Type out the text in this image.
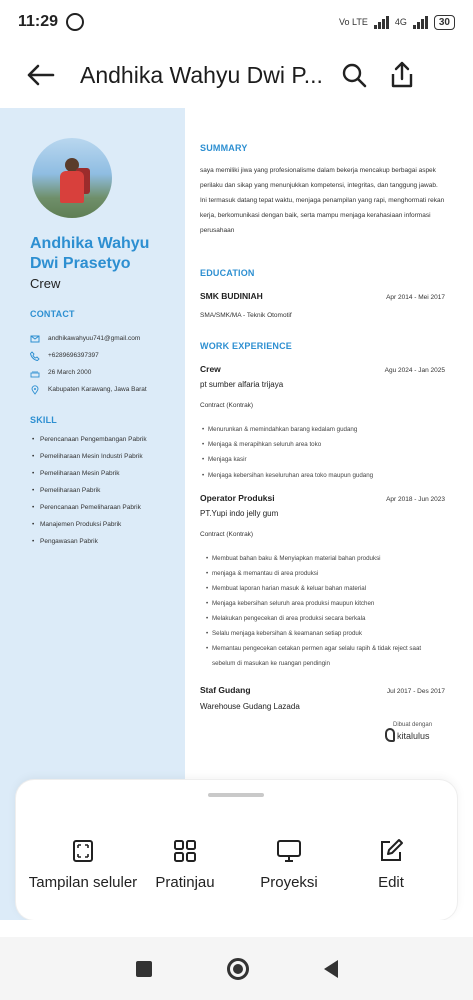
11:29	Vo LTE	4G	30
Andhika Wahyu Dwi P...
Andhika Wahyu Dwi Prasetyo
Crew
CONTACT
andhikawahyuu741@gmail.com
+6289696397397
26 March 2000
Kabupaten Karawang, Jawa Barat
SKILL
• Perencanaan Pengembangan Pabrik
• Pemeliharaan Mesin Industri Pabrik
• Pemeliharaan Mesin Pabrik
• Pemeliharaan Pabrik
• Perencanaan Pemeliharaan Pabrik
• Manajemen Produksi Pabrik
• Pengawasan Pabrik
SUMMARY
saya memiliki jiwa yang profesionalisme dalam bekerja mencakup berbagai aspek perilaku dan sikap yang menunjukkan kompetensi, integritas, dan tanggung jawab. Ini termasuk datang tepat waktu, menjaga penampilan yang rapi, menghormati rekan kerja, berkomunikasi dengan baik, serta mampu menjaga kerahasiaan informasi perusahaan
EDUCATION
SMK BUDINIAH	Apr 2014 - Mei 2017
SMA/SMK/MA - Teknik Otomotif
WORK EXPERIENCE
Crew	Agu 2024 - Jan 2025
pt sumber alfaria trijaya
Contract (Kontrak)
• Menurunkan & memindahkan barang kedalam gudang
• Menjaga & merapihkan seluruh area toko
• Menjaga kasir
• Menjaga kebersihan keseluruhan area toko maupun gudang
Operator Produksi	Apr 2018 - Jun 2023
PT.Yupi indo jelly gum
Contract (Kontrak)
• Membuat bahan baku & Menyiapkan material bahan produksi
• menjaga & memantau di area produksi
• Membuat laporan harian masuk & keluar bahan material
• Menjaga kebersihan seluruh area produksi maupun kitchen
• Melakukan pengecekan di area produksi secara berkala
• Selalu menjaga kebersihan & keamanan setiap produk
• Memantau pengecekan cetakan permen agar selalu rapih & tidak reject saat sebelum di masukan ke ruangan pendingin
Staf Gudang	Jul 2017 - Des 2017
Warehouse Gudang Lazada
Dibuat dengan
kitalulus
Tampilan seluler Pratinjau	Proyeksi	Edit
